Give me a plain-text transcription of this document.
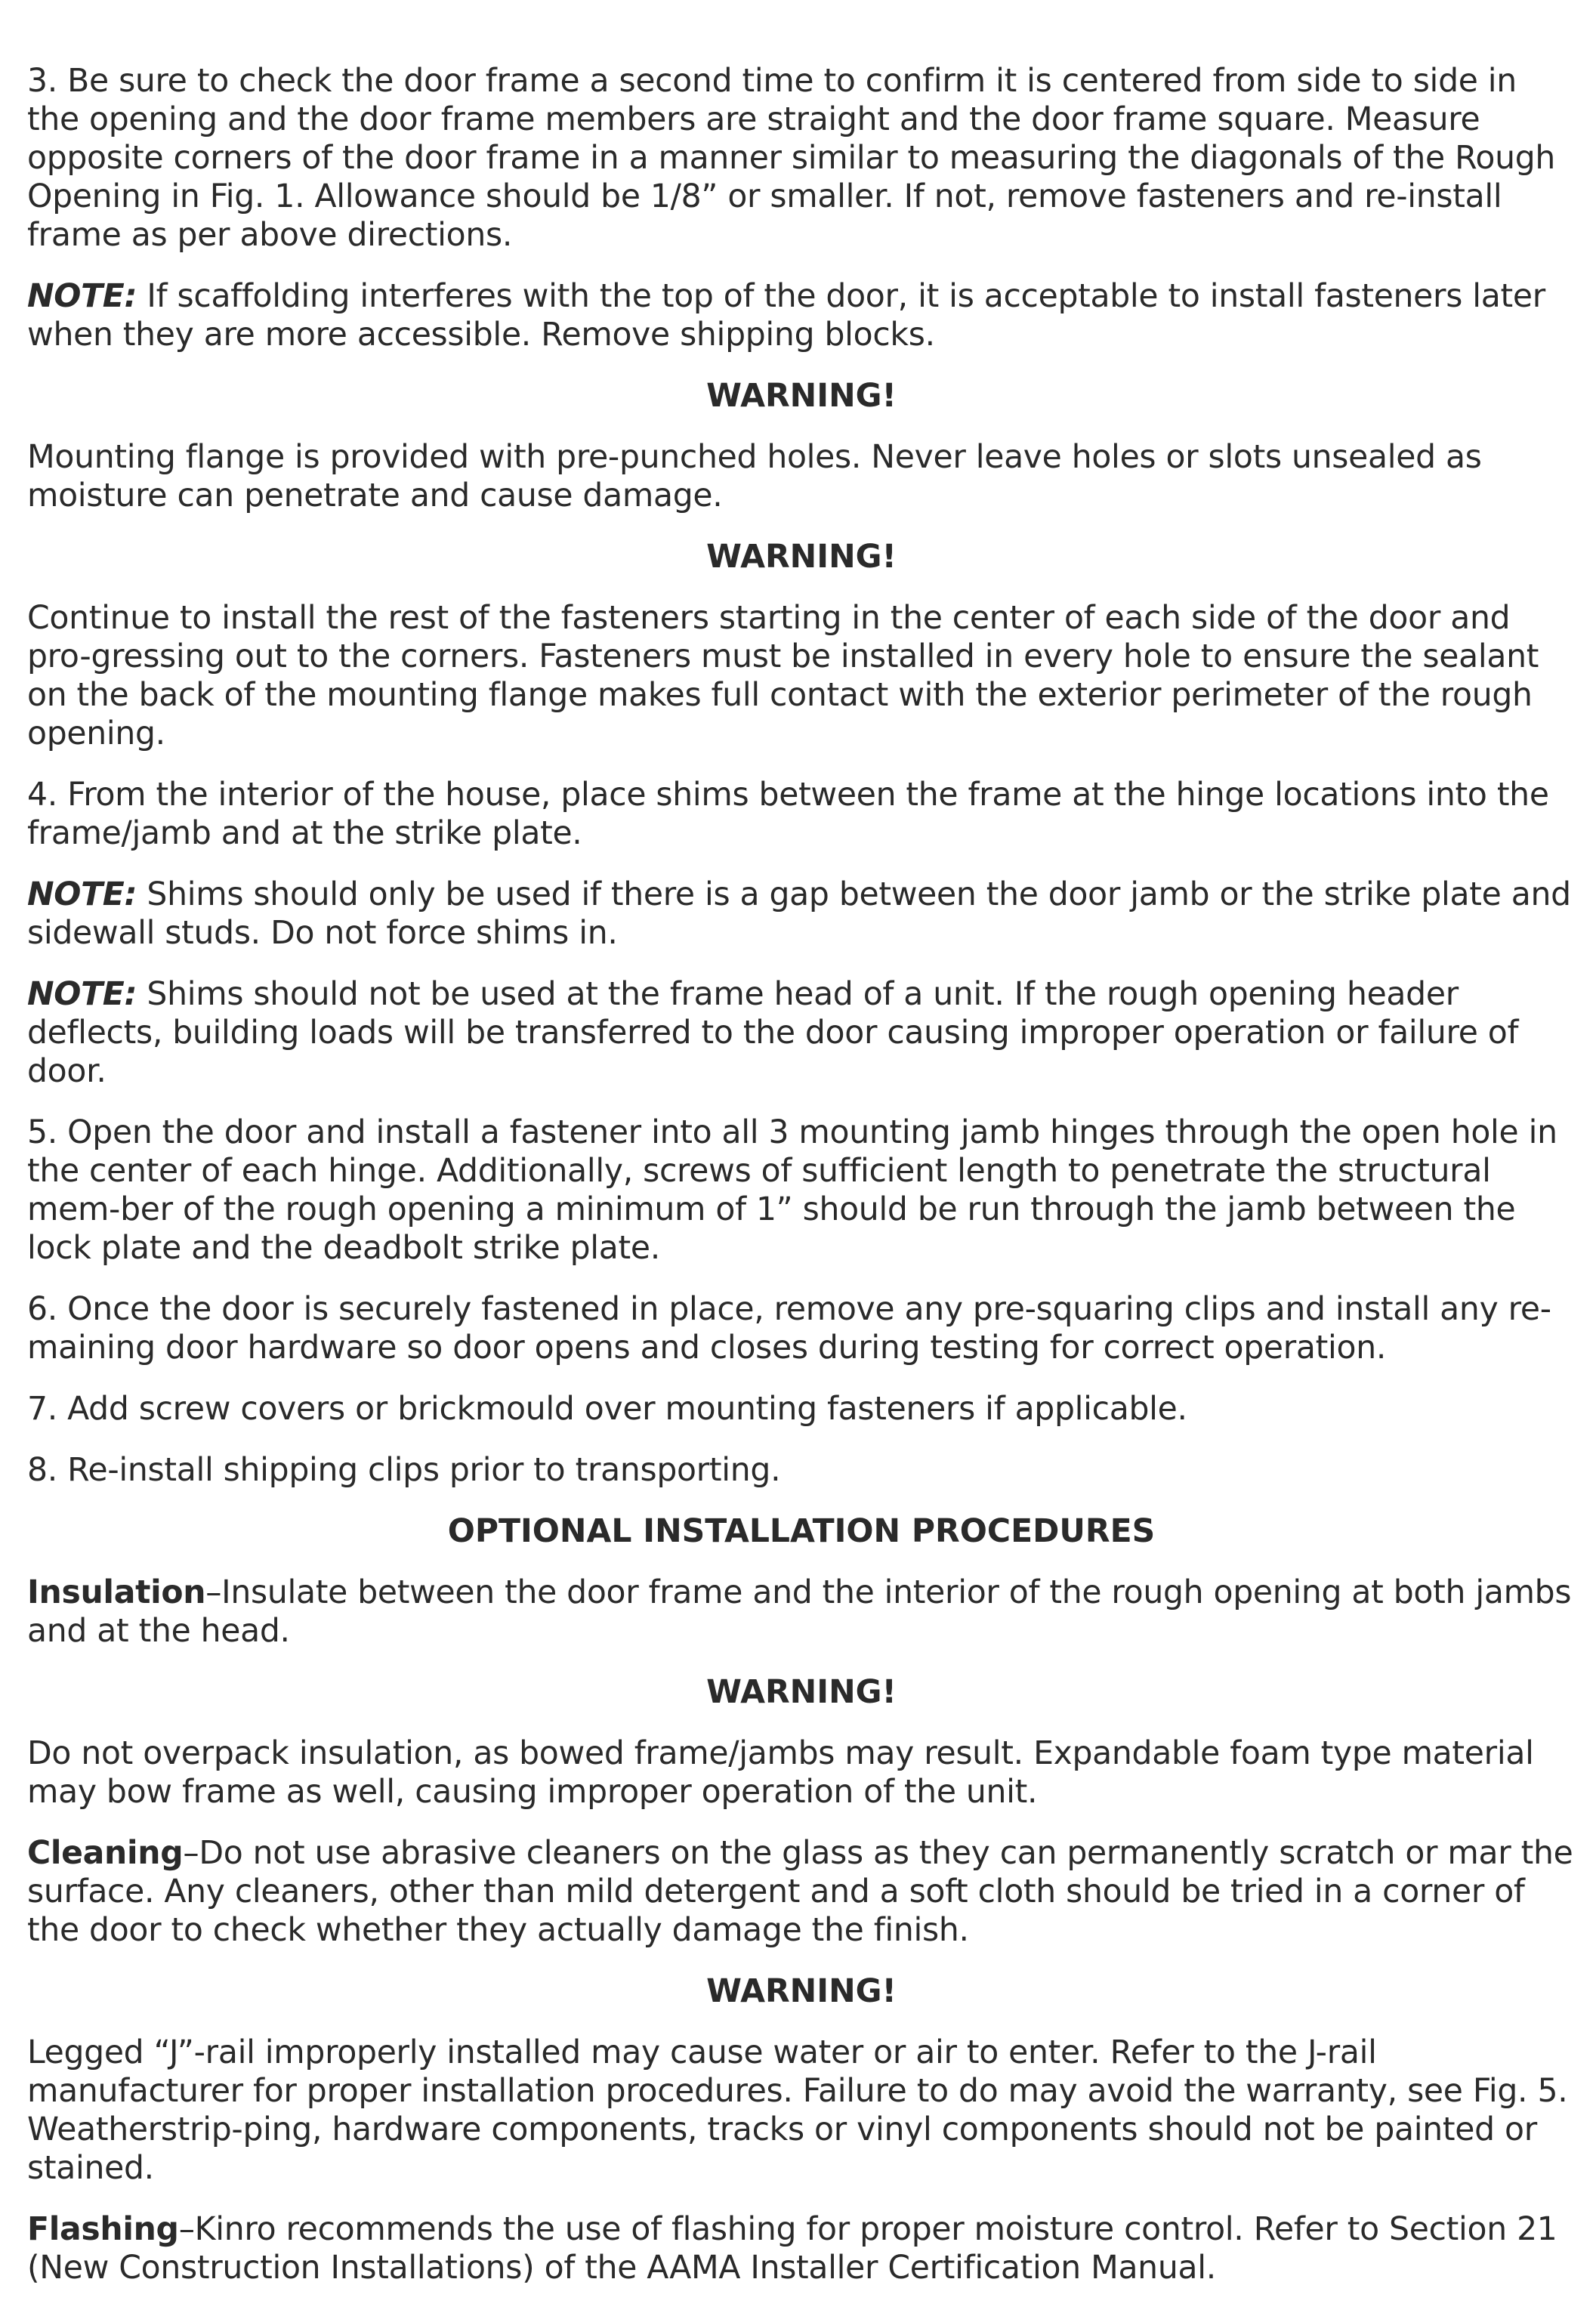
3. Be sure to check the door frame a second time to confirm it is centered from side to side in the opening and the door frame members are straight and the door frame square. Measure opposite corners of the door frame in a manner similar to measuring the diagonals of the Rough Opening in Fig. 1. Allowance should be 1/8” or smaller. If not, remove fasteners and re-install frame as per above directions.

NOTE: If scaffolding interferes with the top of the door, it is acceptable to install fasteners later when they are more accessible. Remove shipping blocks.

WARNING!

Mounting flange is provided with pre-punched holes. Never leave holes or slots unsealed as moisture can penetrate and cause damage.

WARNING!

Continue to install the rest of the fasteners starting in the center of each side of the door and pro-gressing out to the corners. Fasteners must be installed in every hole to ensure the sealant on the back of the mounting flange makes full contact with the exterior perimeter of the rough opening.

4. From the interior of the house, place shims between the frame at the hinge locations into the frame/jamb and at the strike plate.

NOTE: Shims should only be used if there is a gap between the door jamb or the strike plate and sidewall studs. Do not force shims in.

NOTE: Shims should not be used at the frame head of a unit. If the rough opening header deflects, building loads will be transferred to the door causing improper operation or failure of door.

5. Open the door and install a fastener into all 3 mounting jamb hinges through the open hole in the center of each hinge. Additionally, screws of sufficient length to penetrate the structural mem-ber of the rough opening a minimum of 1” should be run through the jamb between the lock plate and the deadbolt strike plate.

6. Once the door is securely fastened in place, remove any pre-squaring clips and install any re-maining door hardware so door opens and closes during testing for correct operation.

7. Add screw covers or brickmould over mounting fasteners if applicable.

8. Re-install shipping clips prior to transporting.

OPTIONAL INSTALLATION PROCEDURES

Insulation–Insulate between the door frame and the interior of the rough opening at both jambs and at the head.

WARNING!

Do not overpack insulation, as bowed frame/jambs may result. Expandable foam type material may bow frame as well, causing improper operation of the unit.

Cleaning–Do not use abrasive cleaners on the glass as they can permanently scratch or mar the surface. Any cleaners, other than mild detergent and a soft cloth should be tried in a corner of the door to check whether they actually damage the finish.

WARNING!

Legged “J”-rail improperly installed may cause water or air to enter. Refer to the J-rail manufacturer for proper installation procedures. Failure to do may avoid the warranty, see Fig. 5. Weatherstrip-ping, hardware components, tracks or vinyl components should not be painted or stained.

Flashing–Kinro recommends the use of flashing for proper moisture control. Refer to Section 21 (New Construction Installations) of the AAMA Installer Certification Manual.
